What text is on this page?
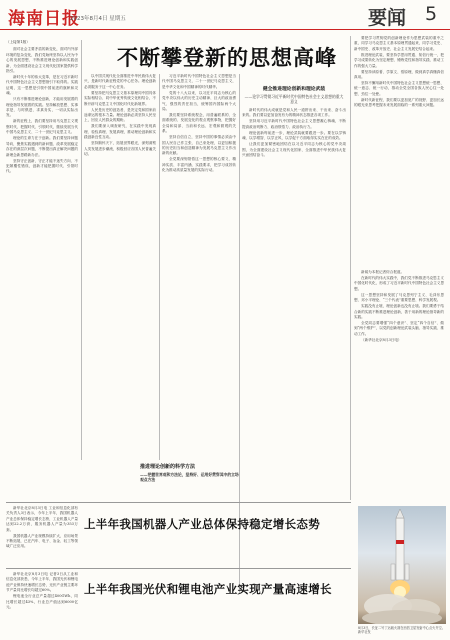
海南日报
2023年8月4日 星期五	要闻 5
不断攀登新的思想高峰
（上接第1版）

面对社会主要矛盾的新变化，面对内外部环境的复杂变化，我们党始终坚持以人民为中心的发展思想，不断推进理论创新和实践创新，为全面建设社会主义现代化国家提供科学指引。

新时代十年的伟大变革，是在习近平新时代中国特色社会主义思想指引下取得的。实践证明，这一思想是引领中国前进的旗帜和灵魂。

只有不断推进理论创新，才能用发展着的理论指导发展着的实践。坚持解放思想、实事求是、与时俱进、求真务实，一切从实际出发。

新的征程上，我们要坚持用马克思主义观察时代、把握时代、引领时代，继续发展当代中国马克思主义、二十一世纪马克思主义。

理论的生命力在于创新。我们要坚持问题导向，聚焦实践遇到的新问题、改革发展稳定存在的深层次问题，不断提出真正解决问题的新理念新思路新办法。

坚持守正创新，守正才能不迷失方向、不犯颠覆性错误，创新才能把握时代、引领时代。

以中国式现代化全面推进中华民族伟大复兴，是新时代新征程党的中心任务。理论创新必须服务于这一中心任务。

要坚持把马克思主义基本原理同中国具体实际相结合、同中华优秀传统文化相结合，不断开辟马克思主义中国化时代化新境界。

人民是历史的创造者，是决定党和国家前途命运的根本力量。理论创新必须坚持人民至上，回应人民群众的期盼。

我们要深入调查研究，在实践中发现真理、检验真理、发展真理，推动理论创新和实践创新良性互动。

坚持胸怀天下，拓展世界眼光，深刻洞察人类发展进步潮流，积极回应各国人民普遍关切。

习近平新时代中国特色社会主义思想是当代中国马克思主义、二十一世纪马克思主义，是中华文化和中国精神的时代精华。

党的十八大以来，以习近平同志为核心的党中央以伟大的历史主动精神、巨大的政治勇气、强烈的责任担当，统筹国内国际两个大局。

我们要坚持系统观念，用普遍联系的、全面系统的、发展变化的观点观察事物，把握好全局和局部、当前和长远、宏观和微观的关系。

坚持自信自立，坚持中国的事情必须由中国人民自己作主张、自己来处理，以更加积极的历史担当和创造精神为发展马克思主义作出新的贡献。

全党要深刻领悟这一思想的核心要义、精神实质、丰富内涵、实践要求，把学习成效转化为推动高质量发展的实际行动。

健全推进理论创新和理论武装
——论学习贯彻习近平新时代中国特色社会主义思想的重大意义

新时代的伟大成就是党和人民一道拼出来、干出来、奋斗出来的。我们要以更加奋发有为的精神状态推进各项工作。

坚持用习近平新时代中国特色社会主义思想凝心铸魂，不断提高政治判断力、政治领悟力、政治执行力。

理论创新每前进一步，理论武装就要跟进一步。要在以学铸魂、以学增智、以学正风、以学促干方面取得实实在在的成效。

让我们更加紧密地团结在以习近平同志为核心的党中央周围，为全面建设社会主义现代化国家、全面推进中华民族伟大复兴而团结奋斗。

要把学习贯彻党的创新理论作为思想武装的重中之重，同学习马克思主义基本原理贯通起来，同学习党史、新中国史、改革开放史、社会主义发展史结合起来。

推进理论武装，要坚持学思用贯通、知信行统一，把学习成果转化为坚定理想、锤炼党性和指导实践、推动工作的强大力量。

要坚持读原著、学原文、悟原理，做到真学真懂真信真用。

坚持不懈用新时代中国特色社会主义思想统一思想、统一意志、统一行动，推动全党全国各族人民心往一处想、劲往一处使。

新时代新征程，我们要以更加宽广的视野、更加长远的眼光来思考把握未来发展面临的一系列重大问题。

新闻为本报记者综合报道。

在新时代的伟大实践中，我们党不断推进马克思主义中国化时代化，形成了习近平新时代中国特色社会主义思想。

这一思想坚持和发展了马克思列宁主义、毛泽东思想、邓小平理论、“三个代表”重要思想、科学发展观。

实践没有止境，理论创新也没有止境。我们要勇于结合新的实践不断推进理论创新，善于用新的理论指导新的实践。

全党同志要增强“四个意识”、坚定“四个自信”、做到“两个维护”，以党的创新理论武装头脑、指导实践、推动工作。

（新华社北京8月3日电）

推进理论创新的科学方法
——把握世界观和方法论，坚持好、运用好贯穿其中的立场观点方法

新华社北京8月3日电 工业和信息化部有关负责人3日表示，今年上半年，我国机器人产业总体保持稳定增长态势，工业机器人产量达到22.2万套，服务机器人产量为353万套。

我国机器人产业规模持续扩大，应用场景不断拓展，已在汽车、电子、冶金、轻工等领域广泛应用。

上半年我国机器人产业总体保持稳定增长态势

新华社北京8月3日电 记者3日从工业和信息化部获悉，今年上半年，我国光伏和锂电池产业保持快速增长态势，光伏产业链主要环节产量同比增长均超过60%。

锂电池全行业总产量超过400GWh，同比增长超过43%，行业总产值达到6000亿元。

上半年我国光伏和锂电池产业实现产量高速增长
8月3日，长征二号丁运载火箭在西昌卫星发射中心点火升空。新华社发
